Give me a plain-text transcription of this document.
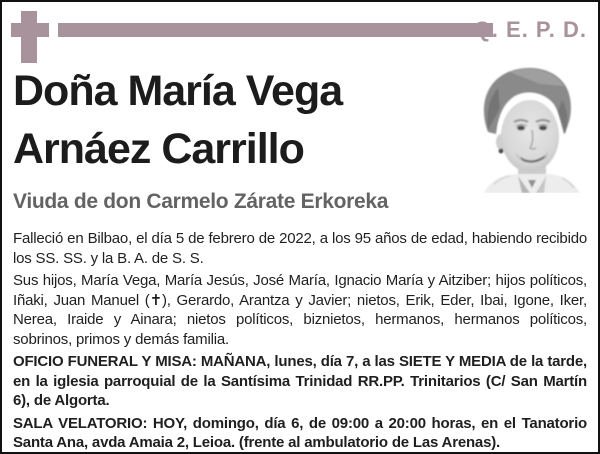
Q. E. P. D.
Doña María Vega
Arnáez Carrillo
Viuda de don Carmelo Zárate Erkoreka

Falleció en Bilbao, el día 5 de febrero de 2022, a los 95 años de edad, habiendo recibido los SS. SS. y la B. A. de S. S.

Sus hijos, María Vega, María Jesús, José María, Ignacio María y Aitziber; hijos políticos, Iñaki, Juan Manuel (✝), Gerardo, Arantza y Javier; nietos, Erik, Eder, Ibai, Igone, Iker, Nerea, Iraide y Ainara; nietos políticos, biznietos, hermanos, hermanos políticos, sobrinos, primos y demás familia.

OFICIO FUNERAL Y MISA: MAÑANA, lunes, día 7, a las SIETE Y MEDIA de la tarde, en la iglesia parroquial de la Santísima Trinidad RR.PP. Trinitarios (C/ San Martín 6), de Algorta.

SALA VELATORIO: HOY, domingo, día 6, de 09:00 a 20:00 horas, en el Tanatorio Santa Ana, avda Amaia 2, Leioa. (frente al ambulatorio de Las Arenas).
